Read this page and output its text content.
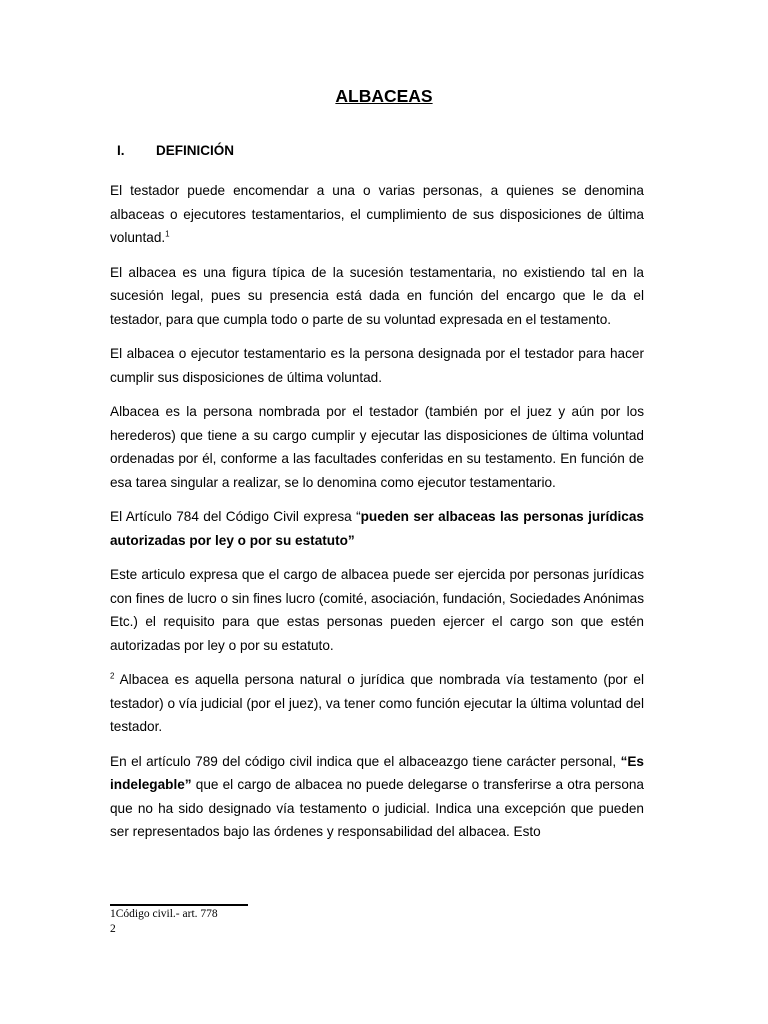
ALBACEAS
I. DEFINICIÓN

El testador puede encomendar a una o varias personas, a quienes se denomina albaceas o ejecutores testamentarios, el cumplimiento de sus disposiciones de última voluntad.$^1$

El albacea es una figura típica de la sucesión testamentaria, no existiendo tal en la sucesión legal, pues su presencia está dada en función del encargo que le da el testador, para que cumpla todo o parte de su voluntad expresada en el testamento.

El albacea o ejecutor testamentario es la persona designada por el testador para hacer cumplir sus disposiciones de última voluntad.

Albacea es la persona nombrada por el testador (también por el juez y aún por los herederos) que tiene a su cargo cumplir y ejecutar las disposiciones de última voluntad ordenadas por él, conforme a las facultades conferidas en su testamento. En función de esa tarea singular a realizar, se lo denomina como ejecutor testamentario.

El Artículo 784 del Código Civil expresa “pueden ser albaceas las personas jurídicas autorizadas por ley o por su estatuto”

Este articulo expresa que el cargo de albacea puede ser ejercida por personas jurídicas con fines de lucro o sin fines lucro (comité, asociación, fundación, Sociedades Anónimas Etc.) el requisito para que estas personas pueden ejercer el cargo son que estén autorizadas por ley o por su estatuto.

$^2$ Albacea es aquella persona natural o jurídica que nombrada vía testamento (por el testador) o vía judicial (por el juez), va tener como función ejecutar la última voluntad del testador.

En el artículo 789 del código civil indica que el albaceazgo tiene carácter personal, “Es indelegable” que el cargo de albacea no puede delegarse o transferirse a otra persona que no ha sido designado vía testamento o judicial. Indica una excepción que pueden ser representados bajo las órdenes y responsabilidad del albacea. Esto

1Código civil.- art. 778
2
